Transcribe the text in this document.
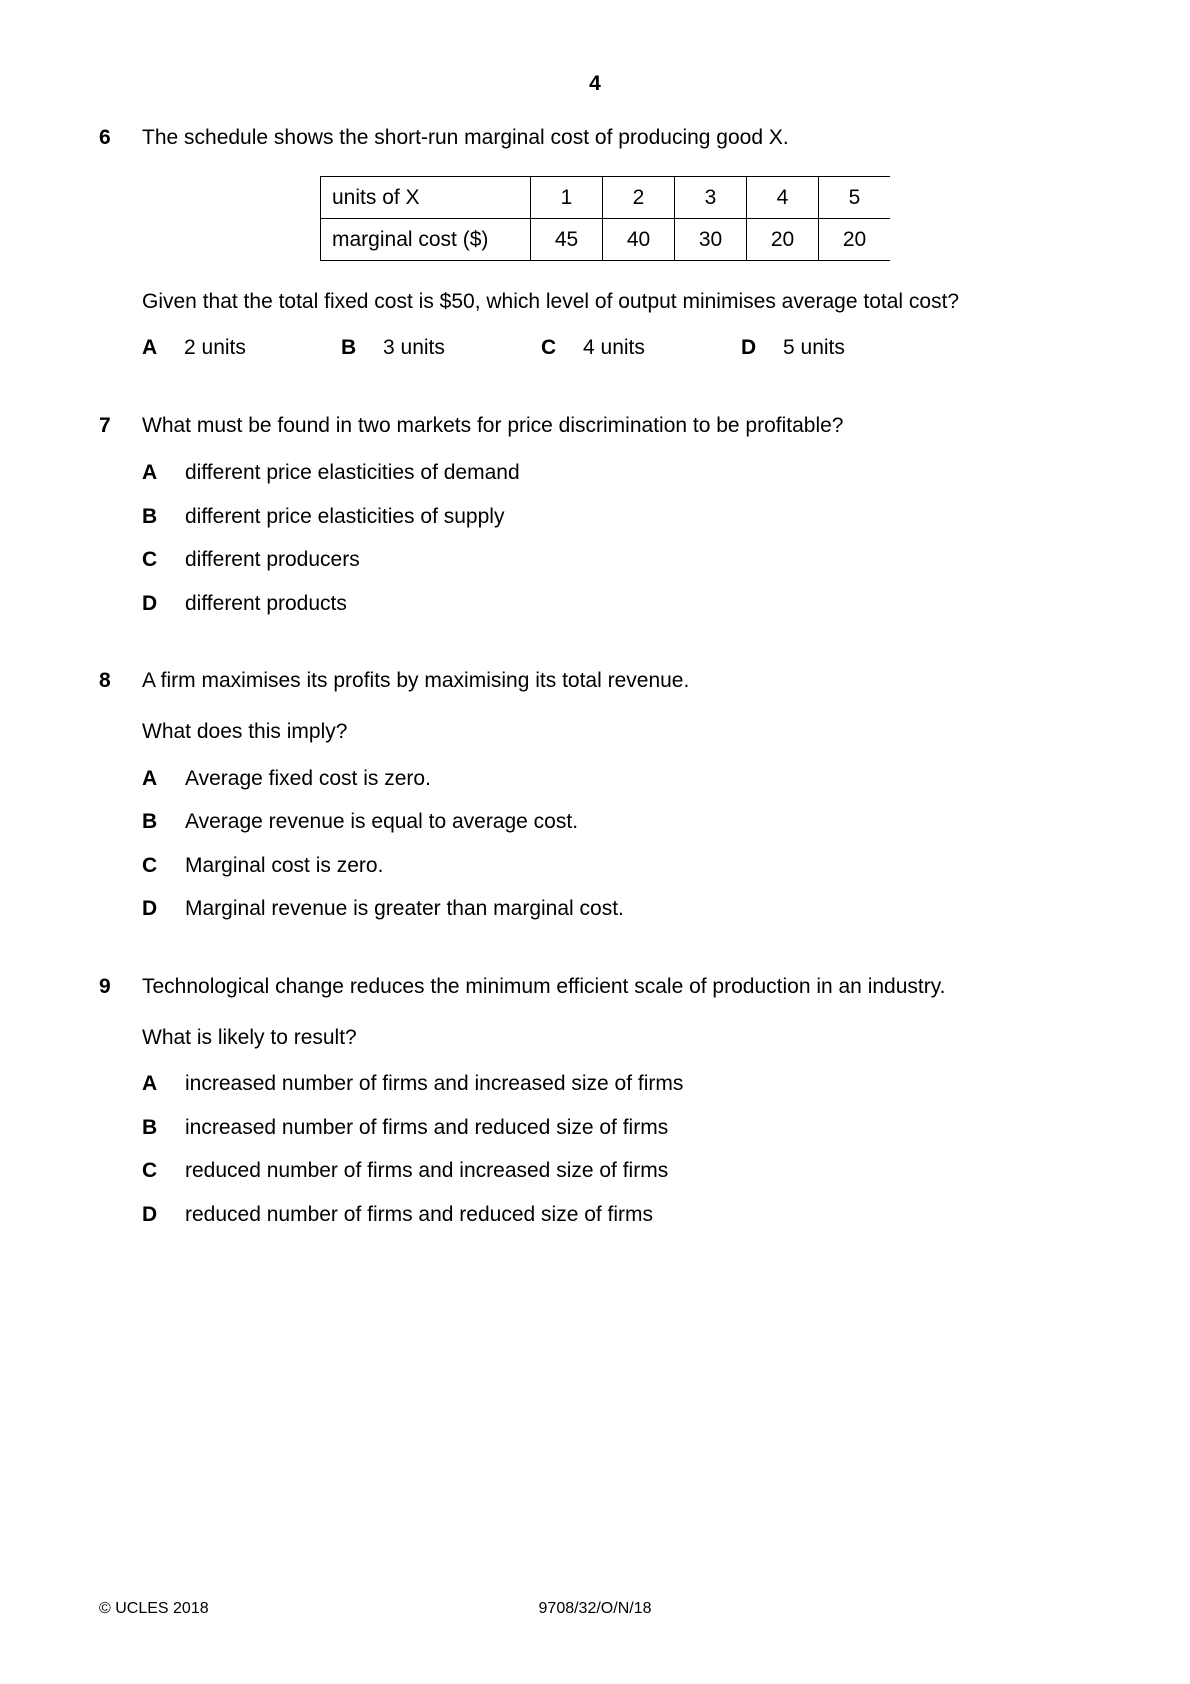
4
6 The schedule shows the short-run marginal cost of producing good X.
units of X	1	2	3	4	5
marginal cost ($)	45	40	30	20	20
Given that the total fixed cost is $50, which level of output minimises average total cost?
A 2 units	B 3 units	C 4 units	D 5 units
7 What must be found in two markets for price discrimination to be profitable?
A different price elasticities of demand
B different price elasticities of supply
C different producers
D different products
8 A firm maximises its profits by maximising its total revenue.
What does this imply?
A Average fixed cost is zero.
B Average revenue is equal to average cost.
C Marginal cost is zero.
D Marginal revenue is greater than marginal cost.
9 Technological change reduces the minimum efficient scale of production in an industry.
What is likely to result?
A increased number of firms and increased size of firms
B increased number of firms and reduced size of firms
C reduced number of firms and increased size of firms
D reduced number of firms and reduced size of firms
© UCLES 2018	9708/32/O/N/18
